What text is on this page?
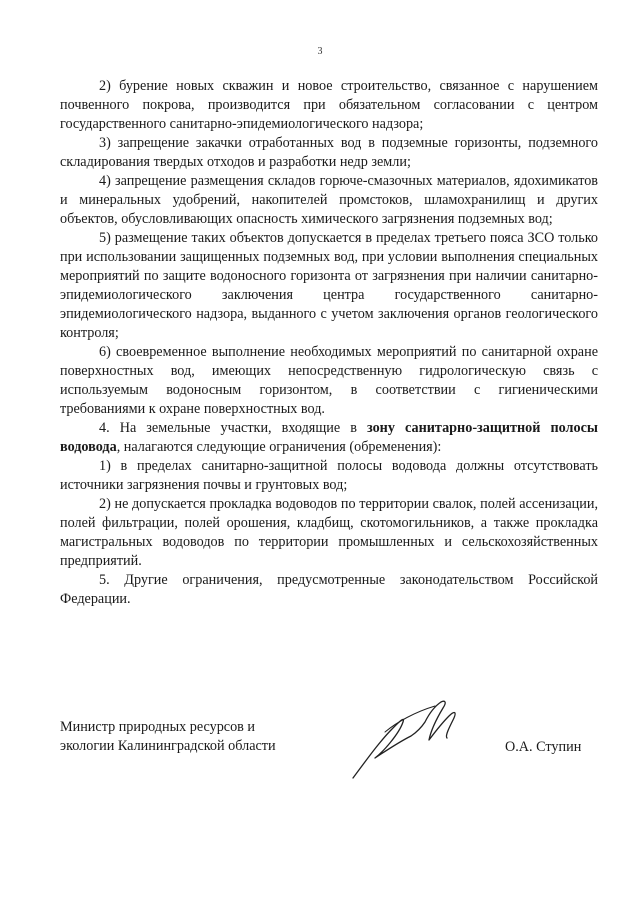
3

2) бурение новых скважин и новое строительство, связанное с нарушением почвенного покрова, производится при обязательном согласовании с центром государственного санитарно-эпидемиологического надзора;

3) запрещение закачки отработанных вод в подземные горизонты, подземного складирования твердых отходов и разработки недр земли;

4) запрещение размещения складов горюче-смазочных материалов, ядохимикатов и минеральных удобрений, накопителей промстоков, шламохранилищ и других объектов, обусловливающих опасность химического загрязнения подземных вод;

5) размещение таких объектов допускается в пределах третьего пояса ЗСО только при использовании защищенных подземных вод, при условии выполнения специальных мероприятий по защите водоносного горизонта от загрязнения при наличии санитарно-эпидемиологического заключения центра государственного санитарно-эпидемиологического надзора, выданного с учетом заключения органов геологического контроля;

6) своевременное выполнение необходимых мероприятий по санитарной охране поверхностных вод, имеющих непосредственную гидрологическую связь с используемым водоносным горизонтом, в соответствии с гигиеническими требованиями к охране поверхностных вод.

4. На земельные участки, входящие в зону санитарно-защитной полосы водовода, налагаются следующие ограничения (обременения):

1) в пределах санитарно-защитной полосы водовода должны отсутствовать источники загрязнения почвы и грунтовых вод;

2) не допускается прокладка водоводов по территории свалок, полей ассенизации, полей фильтрации, полей орошения, кладбищ, скотомогильников, а также прокладка магистральных водоводов по территории промышленных и сельскохозяйственных предприятий.

5. Другие ограничения, предусмотренные законодательством Российской Федерации.

Министр природных ресурсов и
экологии Калининградской области	О.А. Ступин
